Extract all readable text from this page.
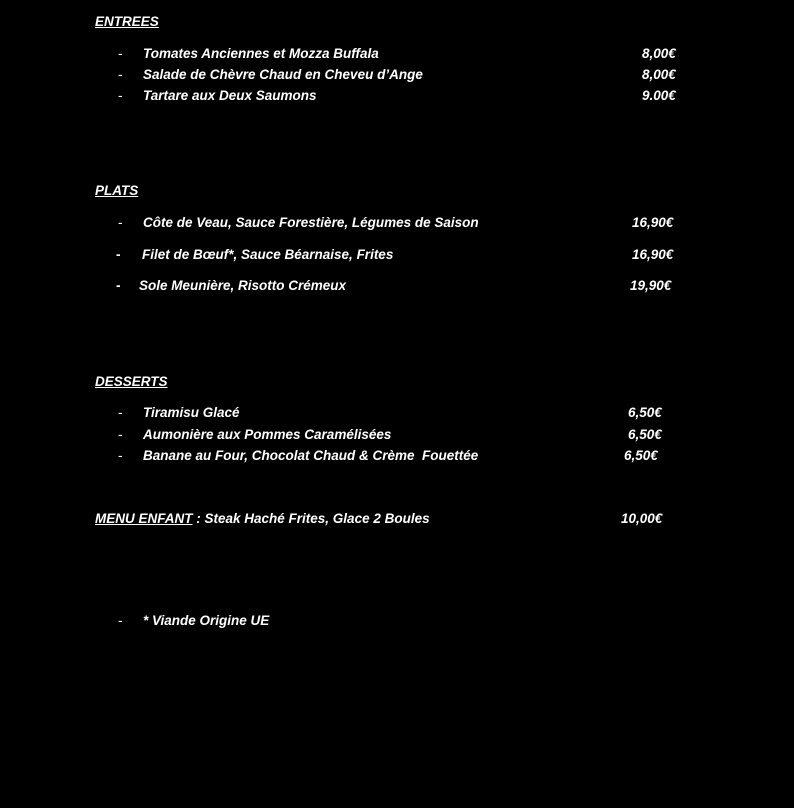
ENTREES
- Tomates Anciennes et Mozza Buffala	8,00€
- Salade de Chèvre Chaud en Cheveu d’Ange	8,00€
- Tartare aux Deux Saumons	9.00€
PLATS
- Côte de Veau, Sauce Forestière, Légumes de Saison	16,90€
- Filet de Bœuf*, Sauce Béarnaise, Frites	16,90€
- Sole Meunière, Risotto Crémeux	19,90€
DESSERTS
- Tiramisu Glacé	6,50€
- Aumonière aux Pommes Caramélisées	6,50€
- Banane au Four, Chocolat Chaud & Crème  Fouettée	6,50€
MENU ENFANT : Steak Haché Frites, Glace 2 Boules	10,00€
- * Viande Origine UE
